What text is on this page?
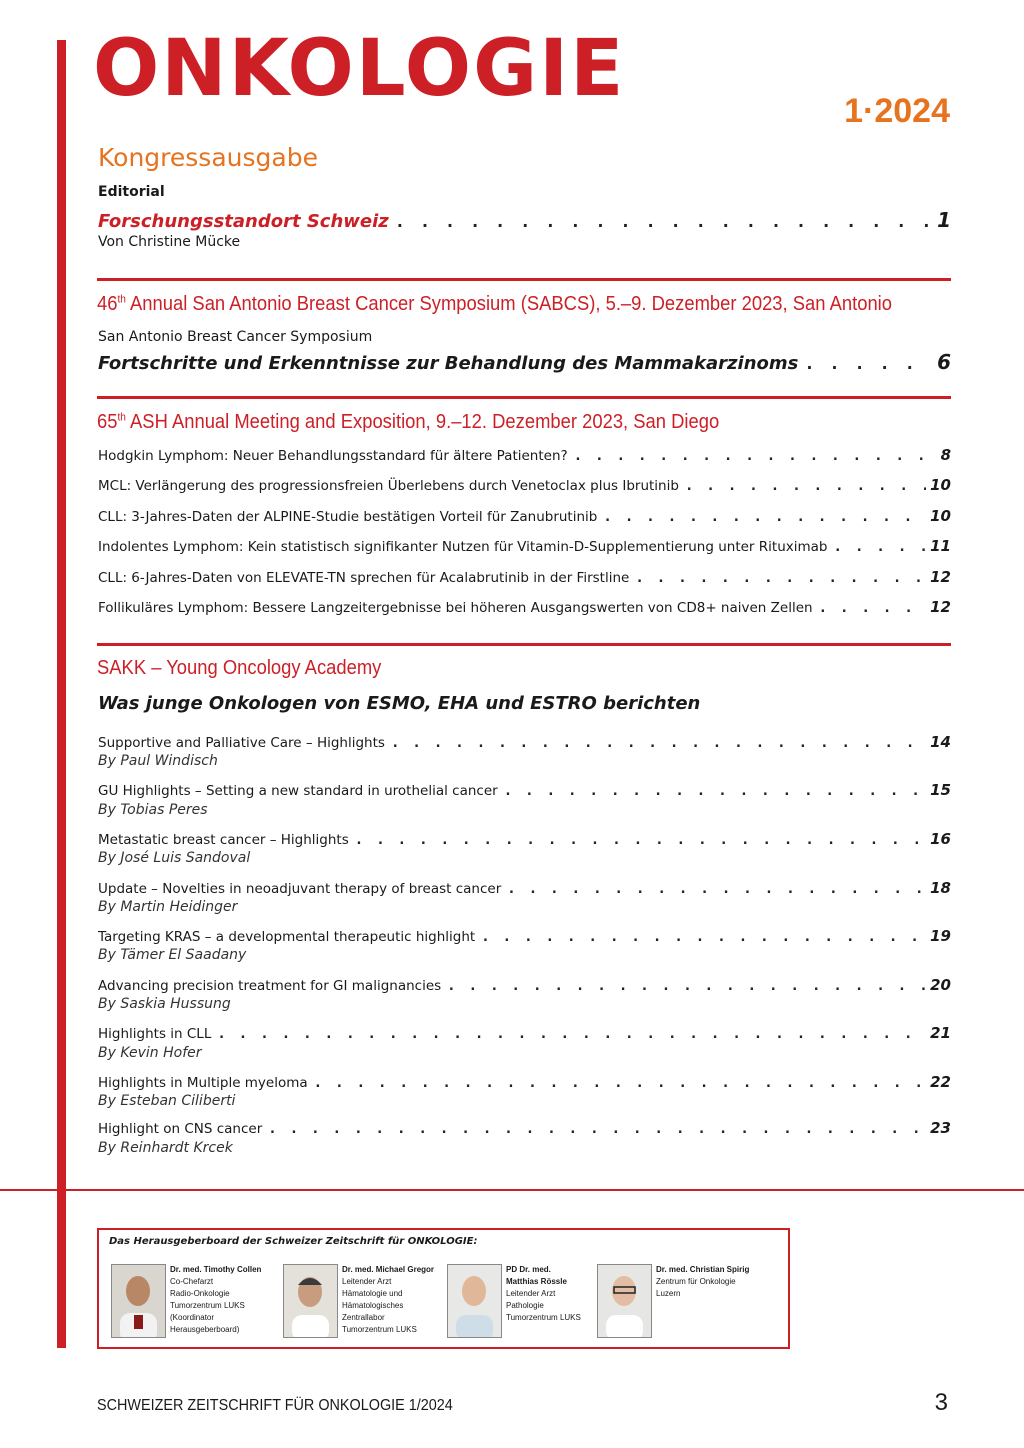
ONKOLOGIE	1·2024
Kongressausgabe
Editorial
Forschungsstandort Schweiz . . .	1
Von Christine Mücke
46th Annual San Antonio Breast Cancer Symposium (SABCS), 5.–9. Dezember 2023, San Antonio
San Antonio Breast Cancer Symposium
Fortschritte und Erkenntnisse zur Behandlung des Mammakarzinoms . . .	6
65th ASH Annual Meeting and Exposition, 9.–12. Dezember 2023, San Diego
Hodgkin Lymphom: Neuer Behandlungsstandard für ältere Patienten? . . .	8
MCL: Verlängerung des progressionsfreien Überlebens durch Venetoclax plus Ibrutinib . . .	10
CLL: 3-Jahres-Daten der ALPINE-Studie bestätigen Vorteil für Zanubrutinib . . .	10
Indolentes Lymphom: Kein statistisch signifikanter Nutzen für Vitamin-D-Supplementierung unter Rituximab . . .	11
CLL: 6-Jahres-Daten von ELEVATE-TN sprechen für Acalabrutinib in der Firstline . . .	12
Follikuläres Lymphom: Bessere Langzeitergebnisse bei höheren Ausgangswerten von CD8+ naiven Zellen . . .	12
SAKK – Young Oncology Academy
Was junge Onkologen von ESMO, EHA und ESTRO berichten
Supportive and Palliative Care – Highlights . . .	14
By Paul Windisch
GU Highlights – Setting a new standard in urothelial cancer . . .	15
By Tobias Peres
Metastatic breast cancer – Highlights . . .	16
By José Luis Sandoval
Update – Novelties in neoadjuvant therapy of breast cancer . . .	18
By Martin Heidinger
Targeting KRAS – a developmental therapeutic highlight . . .	19
By Tämer El Saadany
Advancing precision treatment for GI malignancies . . .	20
By Saskia Hussung
Highlights in CLL . . .	21
By Kevin Hofer
Highlights in Multiple myeloma . . .	22
By Esteban Ciliberti
Highlight on CNS cancer . . .	23
By Reinhardt Krcek
Das Herausgeberboard der Schweizer Zeitschrift für ONKOLOGIE:
Dr. med. Timothy Collen
Co-Chefarzt
Radio-Onkologie
Tumorzentrum LUKS
(Koordinator
Herausgeberboard)
Dr. med. Michael Gregor
Leitender Arzt
Hämatologie und
Hämatologisches
Zentrallabor
Tumorzentrum LUKS
PD Dr. med.
Matthias Rössle
Leitender Arzt
Pathologie
Tumorzentrum LUKS
Dr. med. Christian Spirig
Zentrum für Onkologie
Luzern
SCHWEIZER ZEITSCHRIFT FÜR ONKOLOGIE 1/2024	3
